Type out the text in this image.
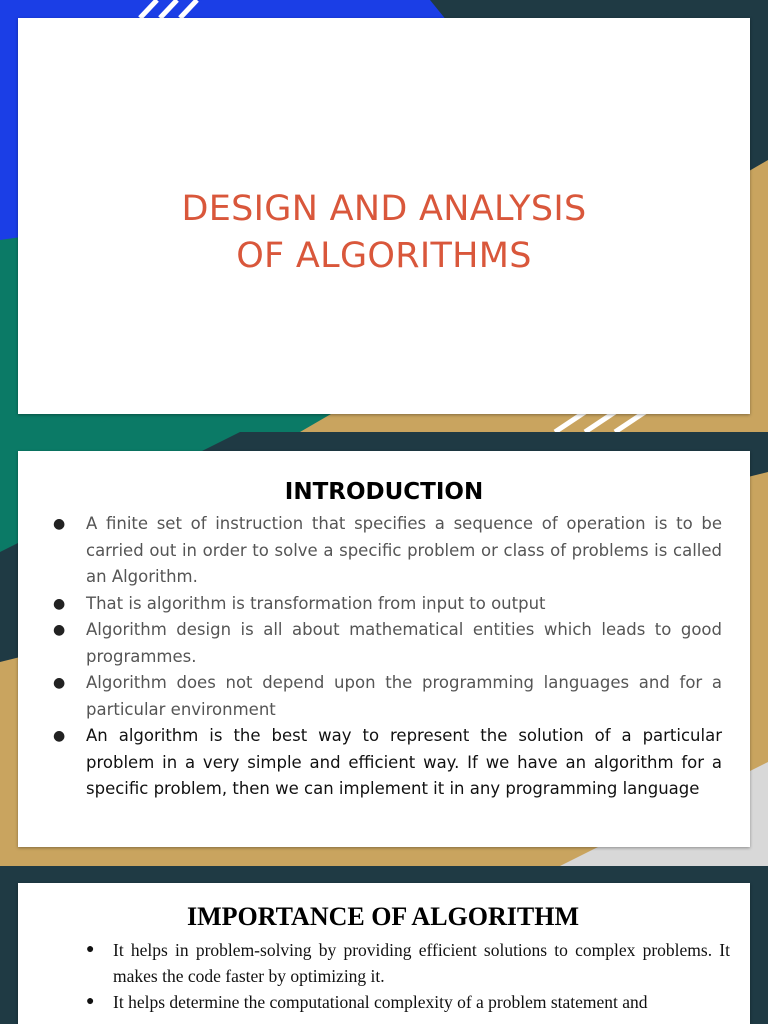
DESIGN AND ANALYSIS
OF ALGORITHMS
INTRODUCTION
● A finite set of instruction that specifies a sequence of operation is to be carried out in order to solve a specific problem or class of problems is called an Algorithm.
● That is algorithm is transformation from input to output
● Algorithm design is all about mathematical entities which leads to good programmes.
● Algorithm does not depend upon the programming languages and for a particular environment
● An algorithm is the best way to represent the solution of a particular problem in a very simple and efficient way. If we have an algorithm for a specific problem, then we can implement it in any programming language
IMPORTANCE OF ALGORITHM
● It helps in problem-solving by providing efficient solutions to complex problems. It makes the code faster by optimizing it.
● It helps determine the computational complexity of a problem statement and
